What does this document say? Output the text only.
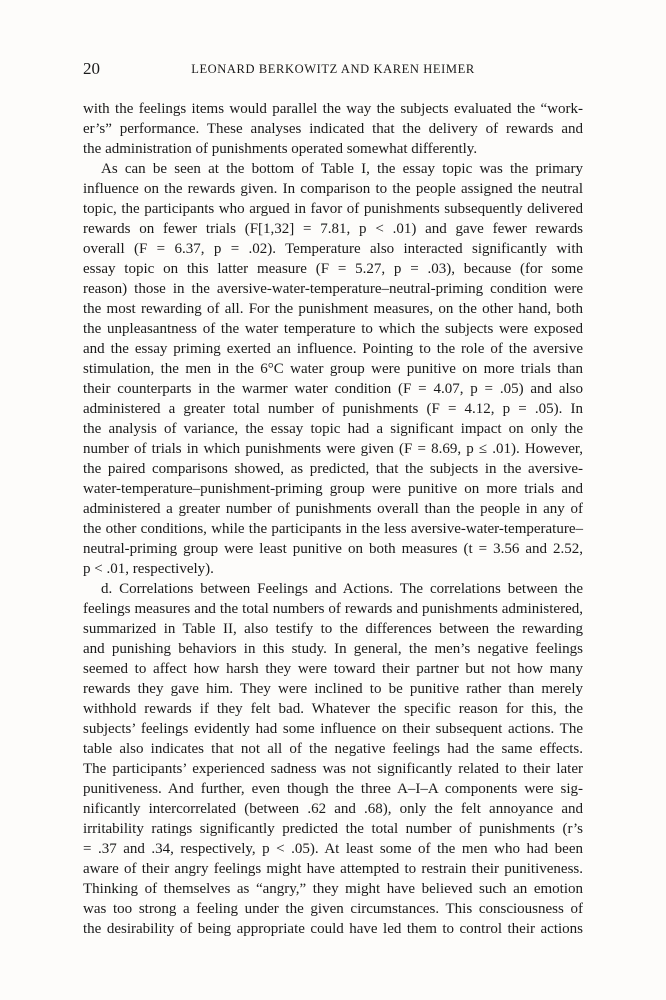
20	LEONARD BERKOWITZ AND KAREN HEIMER
with the feelings items would parallel the way the subjects evaluated the “work-
er’s” performance. These analyses indicated that the delivery of rewards and
the administration of punishments operated somewhat differently.
As can be seen at the bottom of Table I, the essay topic was the primary
influence on the rewards given. In comparison to the people assigned the neutral
topic, the participants who argued in favor of punishments subsequently delivered
rewards on fewer trials (F[1,32] = 7.81, p < .01) and gave fewer rewards
overall (F = 6.37, p = .02). Temperature also interacted significantly with
essay topic on this latter measure (F = 5.27, p = .03), because (for some
reason) those in the aversive-water-temperature–neutral-priming condition were
the most rewarding of all. For the punishment measures, on the other hand, both
the unpleasantness of the water temperature to which the subjects were exposed
and the essay priming exerted an influence. Pointing to the role of the aversive
stimulation, the men in the 6°C water group were punitive on more trials than
their counterparts in the warmer water condition (F = 4.07, p = .05) and also
administered a greater total number of punishments (F = 4.12, p = .05). In
the analysis of variance, the essay topic had a significant impact on only the
number of trials in which punishments were given (F = 8.69, p ≤ .01). However,
the paired comparisons showed, as predicted, that the subjects in the aversive-
water-temperature–punishment-priming group were punitive on more trials and
administered a greater number of punishments overall than the people in any of
the other conditions, while the participants in the less aversive-water-temperature–
neutral-priming group were least punitive on both measures (t = 3.56 and 2.52,
p < .01, respectively).
d. Correlations between Feelings and Actions. The correlations between the
feelings measures and the total numbers of rewards and punishments administered,
summarized in Table II, also testify to the differences between the rewarding
and punishing behaviors in this study. In general, the men’s negative feelings
seemed to affect how harsh they were toward their partner but not how many
rewards they gave him. They were inclined to be punitive rather than merely
withhold rewards if they felt bad. Whatever the specific reason for this, the
subjects’ feelings evidently had some influence on their subsequent actions. The
table also indicates that not all of the negative feelings had the same effects.
The participants’ experienced sadness was not significantly related to their later
punitiveness. And further, even though the three A–I–A components were sig-
nificantly intercorrelated (between .62 and .68), only the felt annoyance and
irritability ratings significantly predicted the total number of punishments (r’s
= .37 and .34, respectively, p < .05). At least some of the men who had been
aware of their angry feelings might have attempted to restrain their punitiveness.
Thinking of themselves as “angry,” they might have believed such an emotion
was too strong a feeling under the given circumstances. This consciousness of
the desirability of being appropriate could have led them to control their actions
